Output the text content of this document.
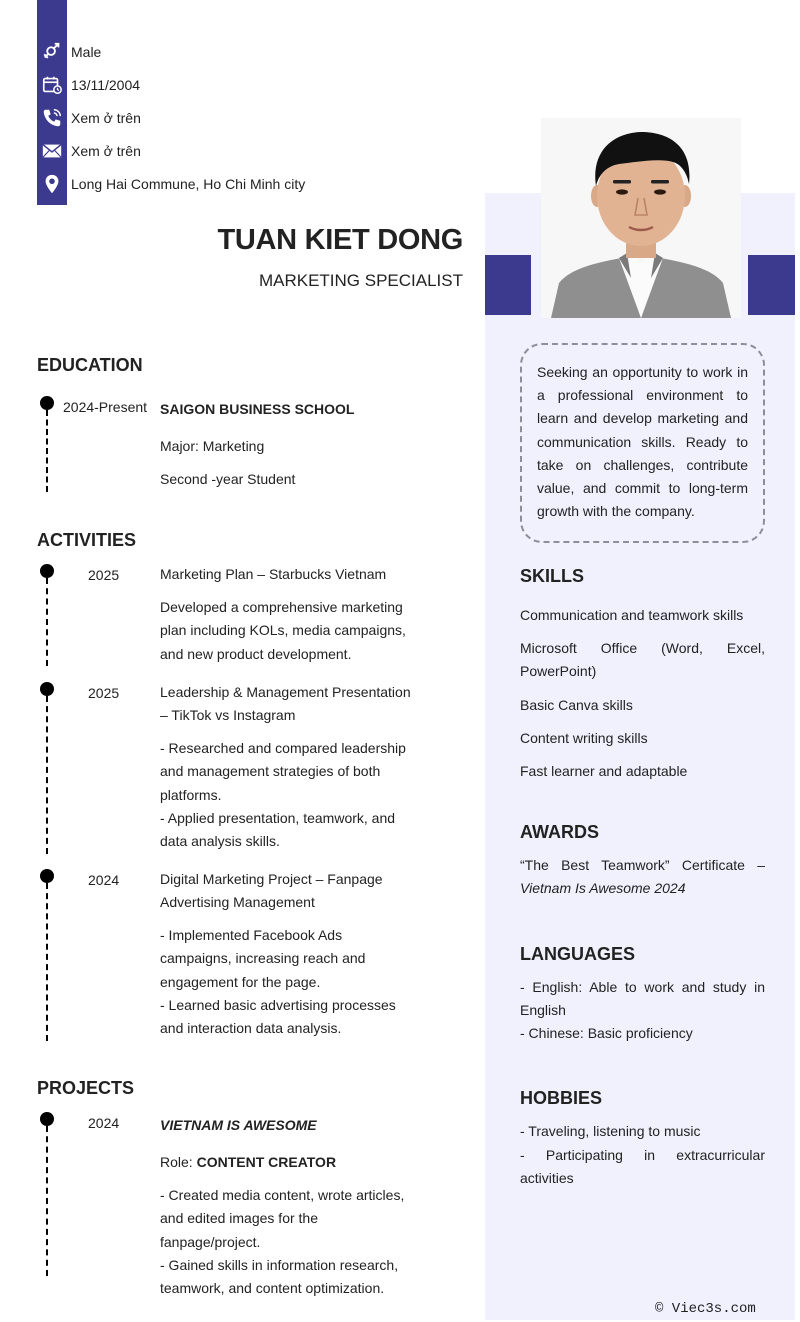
Male
13/11/2004
Xem ở trên
Xem ở trên
Long Hai Commune, Ho Chi Minh city
TUAN KIET DONG
MARKETING SPECIALIST
Seeking an opportunity to work in a professional environment to learn and develop marketing and communication skills. Ready to take on challenges, contribute value, and commit to long-term growth with the company.
SKILLS
Communication and teamwork skills
Microsoft Office (Word, Excel, PowerPoint)
Basic Canva skills
Content writing skills
Fast learner and adaptable
AWARDS
“The Best Teamwork” Certificate –
Vietnam Is Awesome 2024
LANGUAGES
- English: Able to work and study in English
- Chinese: Basic proficiency
HOBBIES
- Traveling, listening to music
- Participating in extracurricular activities
EDUCATION
2024-Present SAIGON BUSINESS SCHOOL
Major: Marketing
Second -year Student
ACTIVITIES
2025	Marketing Plan – Starbucks Vietnam
Developed a comprehensive marketing plan including KOLs, media campaigns, and new product development.
2025	Leadership & Management Presentation – TikTok vs Instagram
- Researched and compared leadership and management strategies of both platforms.
- Applied presentation, teamwork, and data analysis skills.
2024	Digital Marketing Project – Fanpage Advertising Management
- Implemented Facebook Ads campaigns, increasing reach and engagement for the page.
- Learned basic advertising processes and interaction data analysis.
PROJECTS
2024	VIETNAM IS AWESOME
Role: CONTENT CREATOR
- Created media content, wrote articles, and edited images for the fanpage/project.
- Gained skills in information research, teamwork, and content optimization.
© Viec3s.com
